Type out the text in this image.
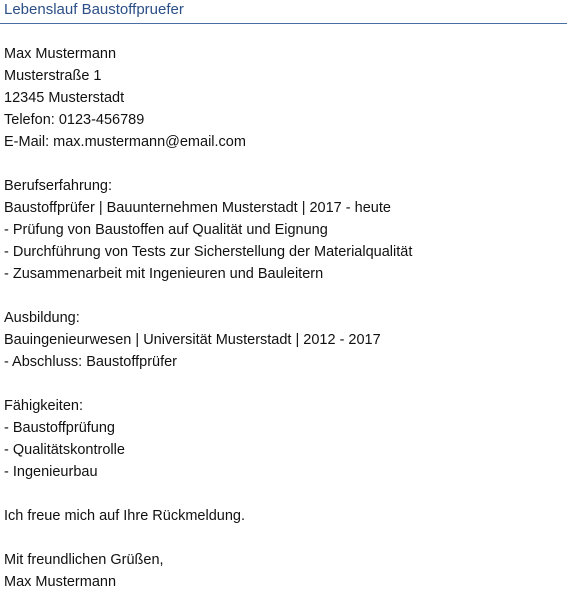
Lebenslauf Baustoffpruefer
Max Mustermann
Musterstraße 1
12345 Musterstadt
Telefon: 0123-456789
E-Mail: max.mustermann@email.com
Berufserfahrung:
Baustoffprüfer | Bauunternehmen Musterstadt | 2017 - heute
- Prüfung von Baustoffen auf Qualität und Eignung
- Durchführung von Tests zur Sicherstellung der Materialqualität
- Zusammenarbeit mit Ingenieuren und Bauleitern
Ausbildung:
Bauingenieurwesen | Universität Musterstadt | 2012 - 2017
- Abschluss: Baustoffprüfer
Fähigkeiten:
- Baustoffprüfung
- Qualitätskontrolle
- Ingenieurbau
Ich freue mich auf Ihre Rückmeldung.
Mit freundlichen Grüßen,
Max Mustermann
